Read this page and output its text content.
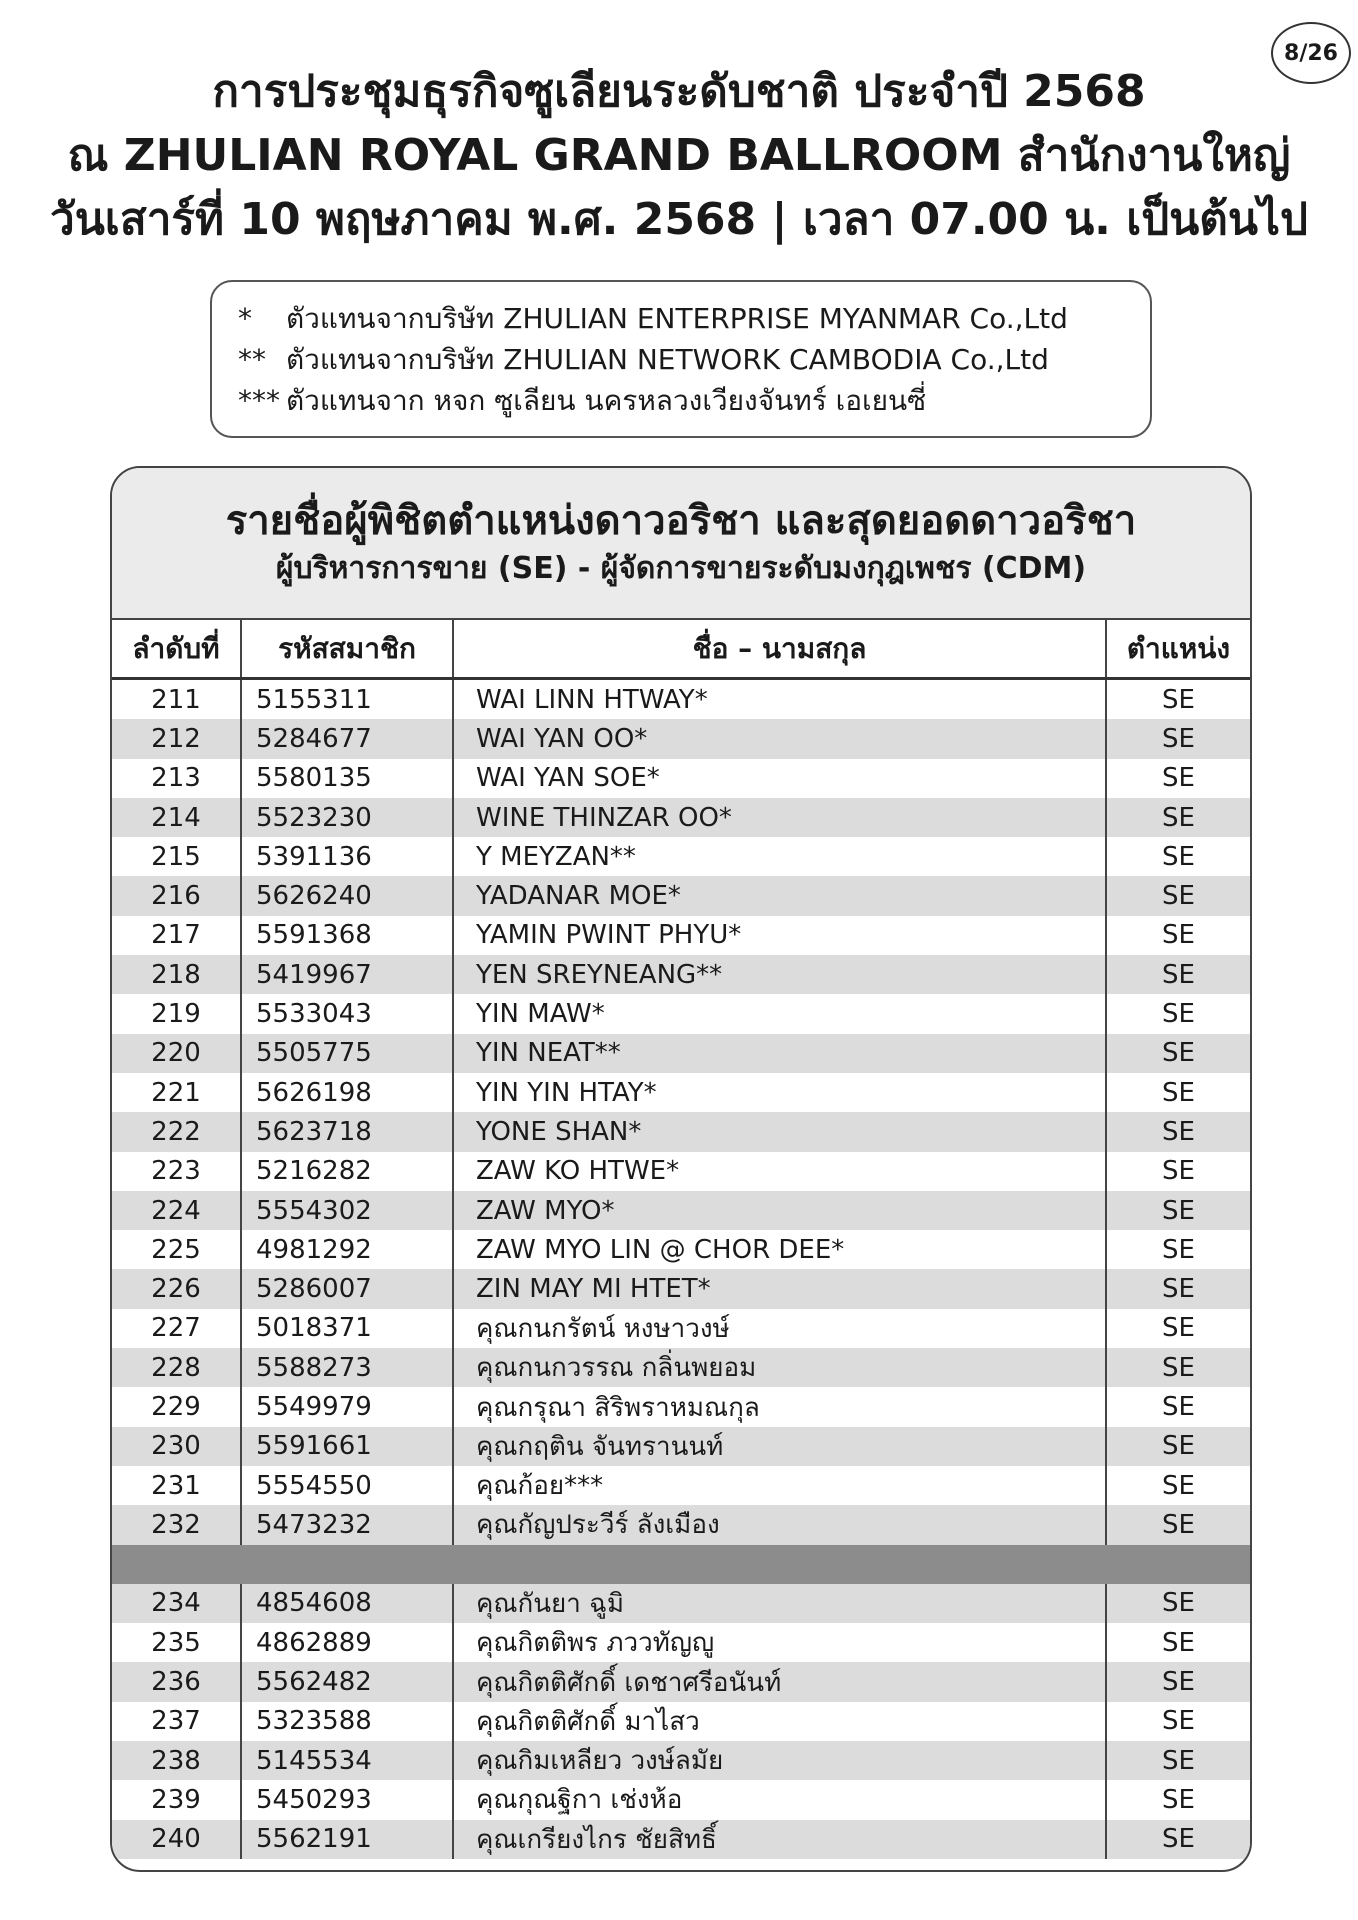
8/26
การประชุมธุรกิจซูเลียนระดับชาติ ประจำปี 2568
ณ ZHULIAN ROYAL GRAND BALLROOM สำนักงานใหญ่
วันเสาร์ที่ 10 พฤษภาคม พ.ศ. 2568 | เวลา 07.00 น. เป็นต้นไป
*	ตัวแทนจากบริษัท ZHULIAN ENTERPRISE MYANMAR Co.,Ltd
** ตัวแทนจากบริษัท ZHULIAN NETWORK CAMBODIA Co.,Ltd
*** ตัวแทนจาก หจก ซูเลียน นครหลวงเวียงจันทร์ เอเยนซี่
รายชื่อผู้พิชิตตำแหน่งดาวอริชา และสุดยอดดาวอริชา
ผู้บริหารการขาย (SE) - ผู้จัดการขายระดับมงกุฎเพชร (CDM)
ลำดับที่	รหัสสมาชิก	ชื่อ – นามสกุล	ตำแหน่ง
211	5155311	WAI LINN HTWAY*	SE
212	5284677	WAI YAN OO*	SE
213	5580135	WAI YAN SOE*	SE
214	5523230	WINE THINZAR OO*	SE
215	5391136	Y MEYZAN**	SE
216	5626240	YADANAR MOE*	SE
217	5591368	YAMIN PWINT PHYU*	SE
218	5419967	YEN SREYNEANG**	SE
219	5533043	YIN MAW*	SE
220	5505775	YIN NEAT**	SE
221	5626198	YIN YIN HTAY*	SE
222	5623718	YONE SHAN*	SE
223	5216282	ZAW KO HTWE*	SE
224	5554302	ZAW MYO*	SE
225	4981292	ZAW MYO LIN @ CHOR DEE*	SE
226	5286007	ZIN MAY MI HTET*	SE
227	5018371	คุณกนกรัตน์ หงษาวงษ์	SE
228	5588273	คุณกนกวรรณ กลิ่นพยอม	SE
229	5549979	คุณกรุณา สิริพราหมณกุล	SE
230	5591661	คุณกฤติน จันทรานนท์	SE
231	5554550	คุณก้อย***	SE
232	5473232	คุณกัญประวีร์ ลังเมือง	SE
234	4854608	คุณกันยา ฉูมิ	SE
235	4862889	คุณกิตติพร ภววทัญญู	SE
236	5562482	คุณกิตติศักดิ์ เดชาศรีอนันท์	SE
237	5323588	คุณกิตติศักดิ์ มาไสว	SE
238	5145534	คุณกิมเหลียว วงษ์ลมัย	SE
239	5450293	คุณกุณฐิกา เช่งห้อ	SE
240	5562191	คุณเกรียงไกร ชัยสิทธิ์	SE
